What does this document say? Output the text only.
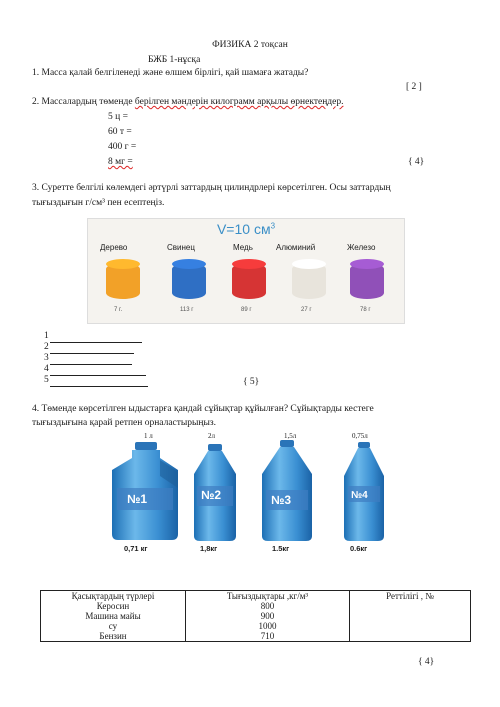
ФИЗИКА 2 тоқсан
БЖБ 1-нұсқа
1. Масса қалай белгіленеді және өлшем бірлігі, қай шамаға жатады?
[ 2 ]
2. Массалардың төменде берілген мәндерін килограмм арқылы өрнектеңдер.
5 ц =
60 т =
400 г =
8 мг =	{ 4}
3. Суретте белгілі көлемдегі әртүрлі заттардың цилиндрлері көрсетілген. Осы заттардың
тығыздығын г/см³ пен есептеңіз.
V=10 $см^3$
Дерево	Свинец	Медь	Алюминий	Железо
7 г.	113 г	89 г	27 г	78 г
1
2
3
4
5	{ 5}
4. Төменде көрсетілген ыдыстарға қандай сұйықтар құйылған? Сұйықтарды кестеге
тығыздығына қарай ретпен орналастырыңыз.
1 л	2л	1,5л	0,75л
№1	№2	№3	№4
0,71 кг	1,8кг	1.5кг	0.6кг
Қасықтардың түрлері	Тығыздықтары ,кг/м³	Реттілігі , №
Керосин	800	
Машина майы	900	
су	1000	
Бензин	710	
{ 4}
